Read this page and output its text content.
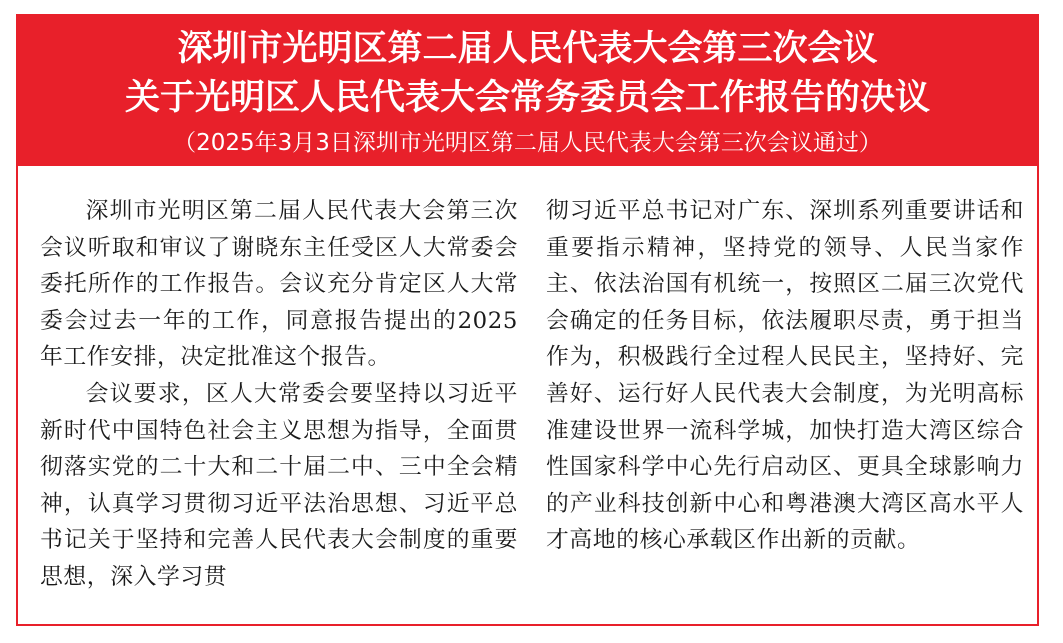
深圳市光明区第二届人民代表大会第三次会议
关于光明区人民代表大会常务委员会工作报告的决议
（2025年3月3日深圳市光明区第二届人民代表大会第三次会议通过）

深圳市光明区第二届人民代表大会第三次会议听取和审议了谢晓东主任受区人大常委会委托所作的工作报告。会议充分肯定区人大常委会过去一年的工作，同意报告提出的2025年工作安排，决定批准这个报告。

会议要求，区人大常委会要坚持以习近平新时代中国特色社会主义思想为指导，全面贯彻落实党的二十大和二十届二中、三中全会精神，认真学习贯彻习近平法治思想、习近平总书记关于坚持和完善人民代表大会制度的重要思想，深入学习贯

彻习近平总书记对广东、深圳系列重要讲话和重要指示精神，坚持党的领导、人民当家作主、依法治国有机统一，按照区二届三次党代会确定的任务目标，依法履职尽责，勇于担当作为，积极践行全过程人民民主，坚持好、完善好、运行好人民代表大会制度，为光明高标准建设世界一流科学城，加快打造大湾区综合性国家科学中心先行启动区、更具全球影响力的产业科技创新中心和粤港澳大湾区高水平人才高地的核心承载区作出新的贡献。
